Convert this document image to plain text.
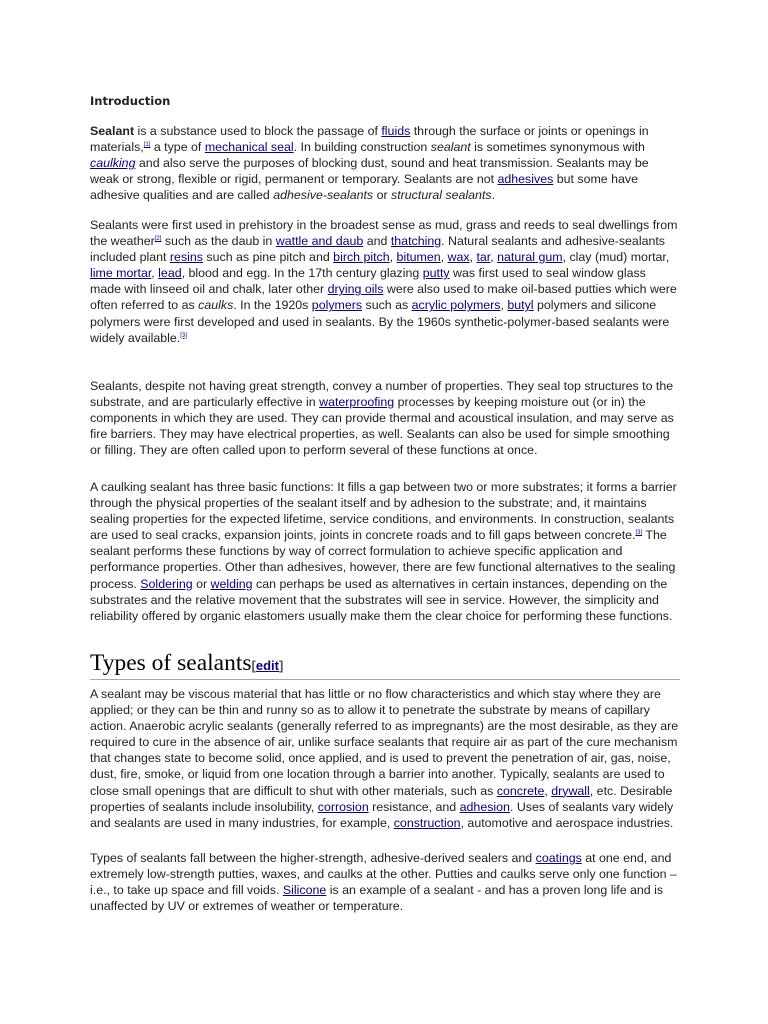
Introduction

Sealant is a substance used to block the passage of fluids through the surface or joints or openings in materials,[1] a type of mechanical seal. In building construction sealant is sometimes synonymous with caulking and also serve the purposes of blocking dust, sound and heat transmission. Sealants may be weak or strong, flexible or rigid, permanent or temporary. Sealants are not adhesives but some have adhesive qualities and are called adhesive-sealants or structural sealants.

Sealants were first used in prehistory in the broadest sense as mud, grass and reeds to seal dwellings from the weather[2] such as the daub in wattle and daub and thatching. Natural sealants and adhesive-sealants included plant resins such as pine pitch and birch pitch, bitumen, wax, tar, natural gum, clay (mud) mortar, lime mortar, lead, blood and egg. In the 17th century glazing putty was first used to seal window glass made with linseed oil and chalk, later other drying oils were also used to make oil-based putties which were often referred to as caulks. In the 1920s polymers such as acrylic polymers, butyl polymers and silicone polymers were first developed and used in sealants. By the 1960s synthetic-polymer-based sealants were widely available.[3]

Sealants, despite not having great strength, convey a number of properties. They seal top structures to the substrate, and are particularly effective in waterproofing processes by keeping moisture out (or in) the components in which they are used. They can provide thermal and acoustical insulation, and may serve as fire barriers. They may have electrical properties, as well. Sealants can also be used for simple smoothing or filling. They are often called upon to perform several of these functions at once.

A caulking sealant has three basic functions: It fills a gap between two or more substrates; it forms a barrier through the physical properties of the sealant itself and by adhesion to the substrate; and, it maintains sealing properties for the expected lifetime, service conditions, and environments. In construction, sealants are used to seal cracks, expansion joints, joints in concrete roads and to fill gaps between concrete.[3] The sealant performs these functions by way of correct formulation to achieve specific application and performance properties. Other than adhesives, however, there are few functional alternatives to the sealing process. Soldering or welding can perhaps be used as alternatives in certain instances, depending on the substrates and the relative movement that the substrates will see in service. However, the simplicity and reliability offered by organic elastomers usually make them the clear choice for performing these functions.

Types of sealants[edit]

A sealant may be viscous material that has little or no flow characteristics and which stay where they are applied; or they can be thin and runny so as to allow it to penetrate the substrate by means of capillary action. Anaerobic acrylic sealants (generally referred to as impregnants) are the most desirable, as they are required to cure in the absence of air, unlike surface sealants that require air as part of the cure mechanism that changes state to become solid, once applied, and is used to prevent the penetration of air, gas, noise, dust, fire, smoke, or liquid from one location through a barrier into another. Typically, sealants are used to close small openings that are difficult to shut with other materials, such as concrete, drywall, etc. Desirable properties of sealants include insolubility, corrosion resistance, and adhesion. Uses of sealants vary widely and sealants are used in many industries, for example, construction, automotive and aerospace industries.

Types of sealants fall between the higher-strength, adhesive-derived sealers and coatings at one end, and extremely low-strength putties, waxes, and caulks at the other. Putties and caulks serve only one function – i.e., to take up space and fill voids. Silicone is an example of a sealant - and has a proven long life and is unaffected by UV or extremes of weather or temperature.
